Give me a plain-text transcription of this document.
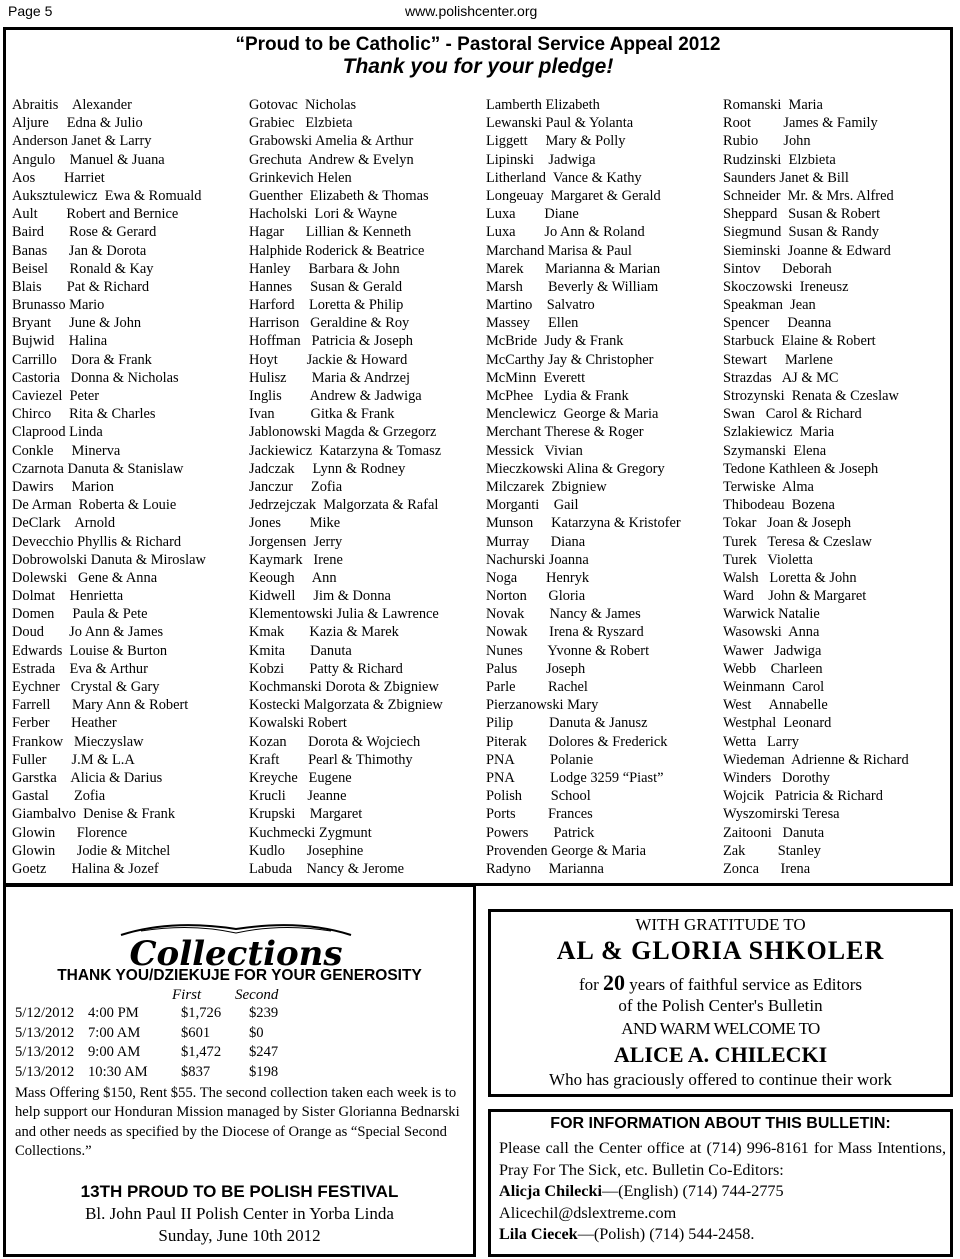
Page 5	www.polishcenter.org
“Proud to be Catholic” - Pastoral Service Appeal 2012
Thank you for your pledge!
Abraitis    Alexander
Aljure     Edna & Julio
Anderson Janet & Larry
Angulo    Manuel & Juana
Aos        Harriet
Auksztulewicz  Ewa & Romuald
Ault        Robert and Bernice
Baird       Rose & Gerard
Banas      Jan & Dorota
Beisel      Ronald & Kay
Blais       Pat & Richard
Brunasso Mario
Bryant     June & John
Bujwid    Halina
Carrillo    Dora & Frank
Castoria   Donna & Nicholas
Caviezel  Peter
Chirco     Rita & Charles
Claprood Linda
Conkle     Minerva
Czarnota Danuta & Stanislaw
Dawirs     Marion
De Arman  Roberta & Louie
DeClark    Arnold
Devecchio Phyllis & Richard
Dobrowolski Danuta & Miroslaw
Dolewski   Gene & Anna
Dolmat    Henrietta
Domen     Paula & Pete
Doud       Jo Ann & James
Edwards  Louise & Burton
Estrada    Eva & Arthur
Eychner   Crystal & Gary
Farrell      Mary Ann & Robert
Ferber      Heather
Frankow   Mieczyslaw
Fuller       J.M & L.A
Garstka    Alicia & Darius
Gastal       Zofia
Giambalvo  Denise & Frank
Glowin      Florence
Glowin      Jodie & Mitchel
Goetz       Halina & Jozef
Gotovac  Nicholas
Grabiec   Elzbieta
Grabowski Amelia & Arthur
Grechuta  Andrew & Evelyn
Grinkevich Helen
Guenther  Elizabeth & Thomas
Hacholski  Lori & Wayne
Hagar      Lillian & Kenneth
Halphide Roderick & Beatrice
Hanley     Barbara & John
Hannes     Susan & Gerald
Harford    Loretta & Philip
Harrison   Geraldine & Roy
Hoffman   Patricia & Joseph
Hoyt        Jackie & Howard
Hulisz       Maria & Andrzej
Inglis        Andrew & Jadwiga
Ivan          Gitka & Frank
Jablonowski Magda & Grzegorz
Jackiewicz  Katarzyna & Tomasz
Jadczak     Lynn & Rodney
Janczur     Zofia
Jedrzejczak  Malgorzata & Rafal
Jones        Mike
Jorgensen  Jerry
Kaymark   Irene
Keough     Ann
Kidwell     Jim & Donna
Klementowski Julia & Lawrence
Kmak       Kazia & Marek
Kmita       Danuta
Kobzi       Patty & Richard
Kochmanski Dorota & Zbigniew
Kostecki Malgorzata & Zbigniew
Kowalski Robert
Kozan      Dorota & Wojciech
Kraft        Pearl & Thimothy
Kreyche   Eugene
Krucli      Jeanne
Krupski    Margaret
Kuchmecki Zygmunt
Kudlo      Josephine
Labuda    Nancy & Jerome
Lamberth Elizabeth
Lewanski Paul & Yolanta
Liggett     Mary & Polly
Lipinski    Jadwiga
Litherland  Vance & Kathy
Longeuay  Margaret & Gerald
Luxa        Diane
Luxa        Jo Ann & Roland
Marchand Marisa & Paul
Marek      Marianna & Marian
Marsh       Beverly & William
Martino    Salvatro
Massey     Ellen
McBride  Judy & Frank
McCarthy Jay & Christopher
McMinn  Everett
McPhee   Lydia & Frank
Menclewicz  George & Maria
Merchant Therese & Roger
Messick   Vivian
Mieczkowski Alina & Gregory
Milczarek  Zbigniew
Morganti    Gail
Munson     Katarzyna & Kristofer
Murray      Diana
Nachurski Joanna
Noga        Henryk
Norton      Gloria
Novak       Nancy & James
Nowak      Irena & Ryszard
Nunes       Yvonne & Robert
Palus        Joseph
Parle         Rachel
Pierzanowski Mary
Pilip          Danuta & Janusz
Piterak      Dolores & Frederick
PNA          Polanie
PNA          Lodge 3259 “Piast”
Polish        School
Ports         Frances
Powers       Patrick
Provenden George & Maria
Radyno     Marianna
Romanski  Maria
Root         James & Family
Rubio       John
Rudzinski  Elzbieta
Saunders Janet & Bill
Schneider  Mr. & Mrs. Alfred
Sheppard   Susan & Robert
Siegmund  Susan & Randy
Sieminski  Joanne & Edward
Sintov      Deborah
Skoczowski  Ireneusz
Speakman  Jean
Spencer     Deanna
Starbuck  Elaine & Robert
Stewart     Marlene
Strazdas   AJ & MC
Strozynski  Renata & Czeslaw
Swan   Carol & Richard
Szlakiewicz  Maria
Szymanski  Elena
Tedone Kathleen & Joseph
Terwiske  Alma
Thibodeau  Bozena
Tokar   Joan & Joseph
Turek   Teresa & Czeslaw
Turek   Violetta
Walsh   Loretta & John
Ward    John & Margaret
Warwick Natalie
Wasowski  Anna
Wawer   Jadwiga
Webb    Charleen
Weinmann  Carol
West     Annabelle
Westphal  Leonard
Wetta   Larry
Wiedeman  Adrienne & Richard
Winders   Dorothy
Wojcik   Patricia & Richard
Wyszomirski Teresa
Zaitooni   Danuta
Zak         Stanley
Zonca      Irena
Collections
THANK YOU/DZIEKUJE FOR YOUR GENEROSITY
First Second
5/12/2012 4:00 PM	$1,726 $239
5/13/2012 7:00 AM	$601	$0
5/13/2012 9:00 AM	$1,472 $247
5/13/2012 10:30 AM $837	$198
Mass Offering $150, Rent $55. The second collection taken each week is to help support our Honduran Mission managed by Sister Glorianna Bednarski and other needs as specified by the Diocese of Orange as “Special Second Collections.”
13TH PROUD TO BE POLISH FESTIVAL
Bl. John Paul II Polish Center in Yorba Linda
Sunday, June 10th 2012
WITH GRATITUDE TO
AL & GLORIA SHKOLER
for 20 years of faithful service as Editors
of the Polish Center's Bulletin
AND WARM WELCOME TO
ALICE A. CHILECKI
Who has graciously offered to continue their work
FOR INFORMATION ABOUT THIS BULLETIN:
Please call the Center office at (714) 996-8161 for Mass Intentions, Pray For The Sick, etc. Bulletin Co-Editors:
Alicja Chilecki—(English) (714) 744-2775
Alicechil@dslextreme.com
Lila Ciecek—(Polish) (714) 544-2458.
